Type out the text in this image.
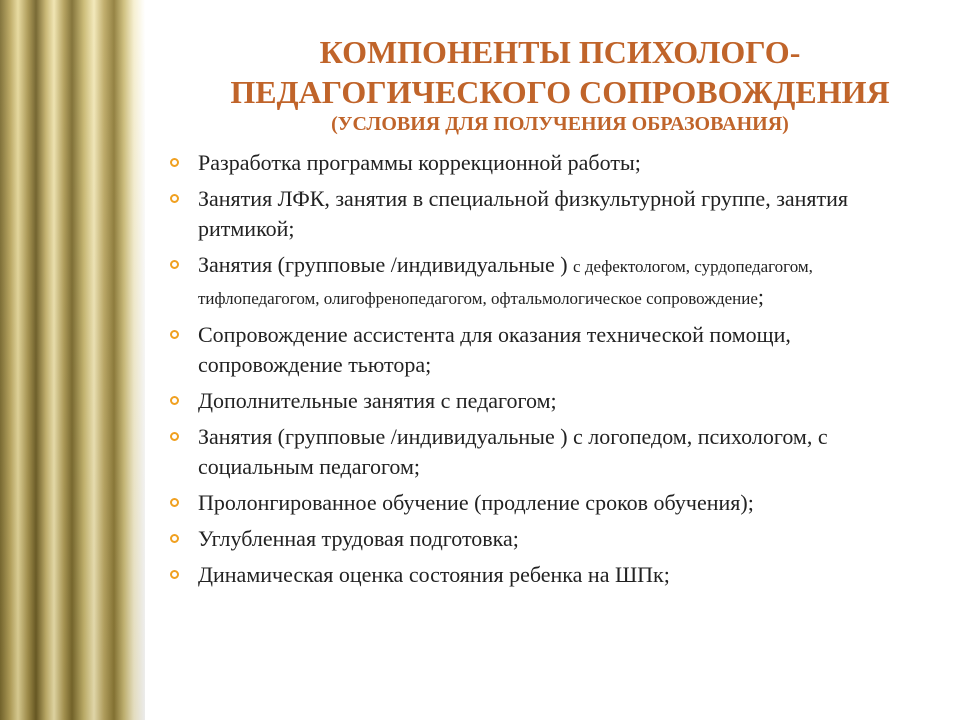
КОМПОНЕНТЫ ПСИХОЛОГО-
ПЕДАГОГИЧЕСКОГО СОПРОВОЖДЕНИЯ
(УСЛОВИЯ ДЛЯ ПОЛУЧЕНИЯ ОБРАЗОВАНИЯ)
Разработка программы коррекционной работы;
Занятия ЛФК, занятия в специальной физкультурной группе, занятия ритмикой;
Занятия (групповые /индивидуальные ) с дефектологом, сурдопедагогом, тифлопедагогом, олигофренопедагогом, офтальмологическое сопровождение;
Сопровождение ассистента для оказания технической помощи, сопровождение тьютора;
Дополнительные занятия с педагогом;
Занятия (групповые /индивидуальные ) с логопедом, психологом, с социальным педагогом;
Пролонгированное обучение (продление сроков обучения);
Углубленная трудовая подготовка;
Динамическая оценка состояния ребенка на ШПк;
